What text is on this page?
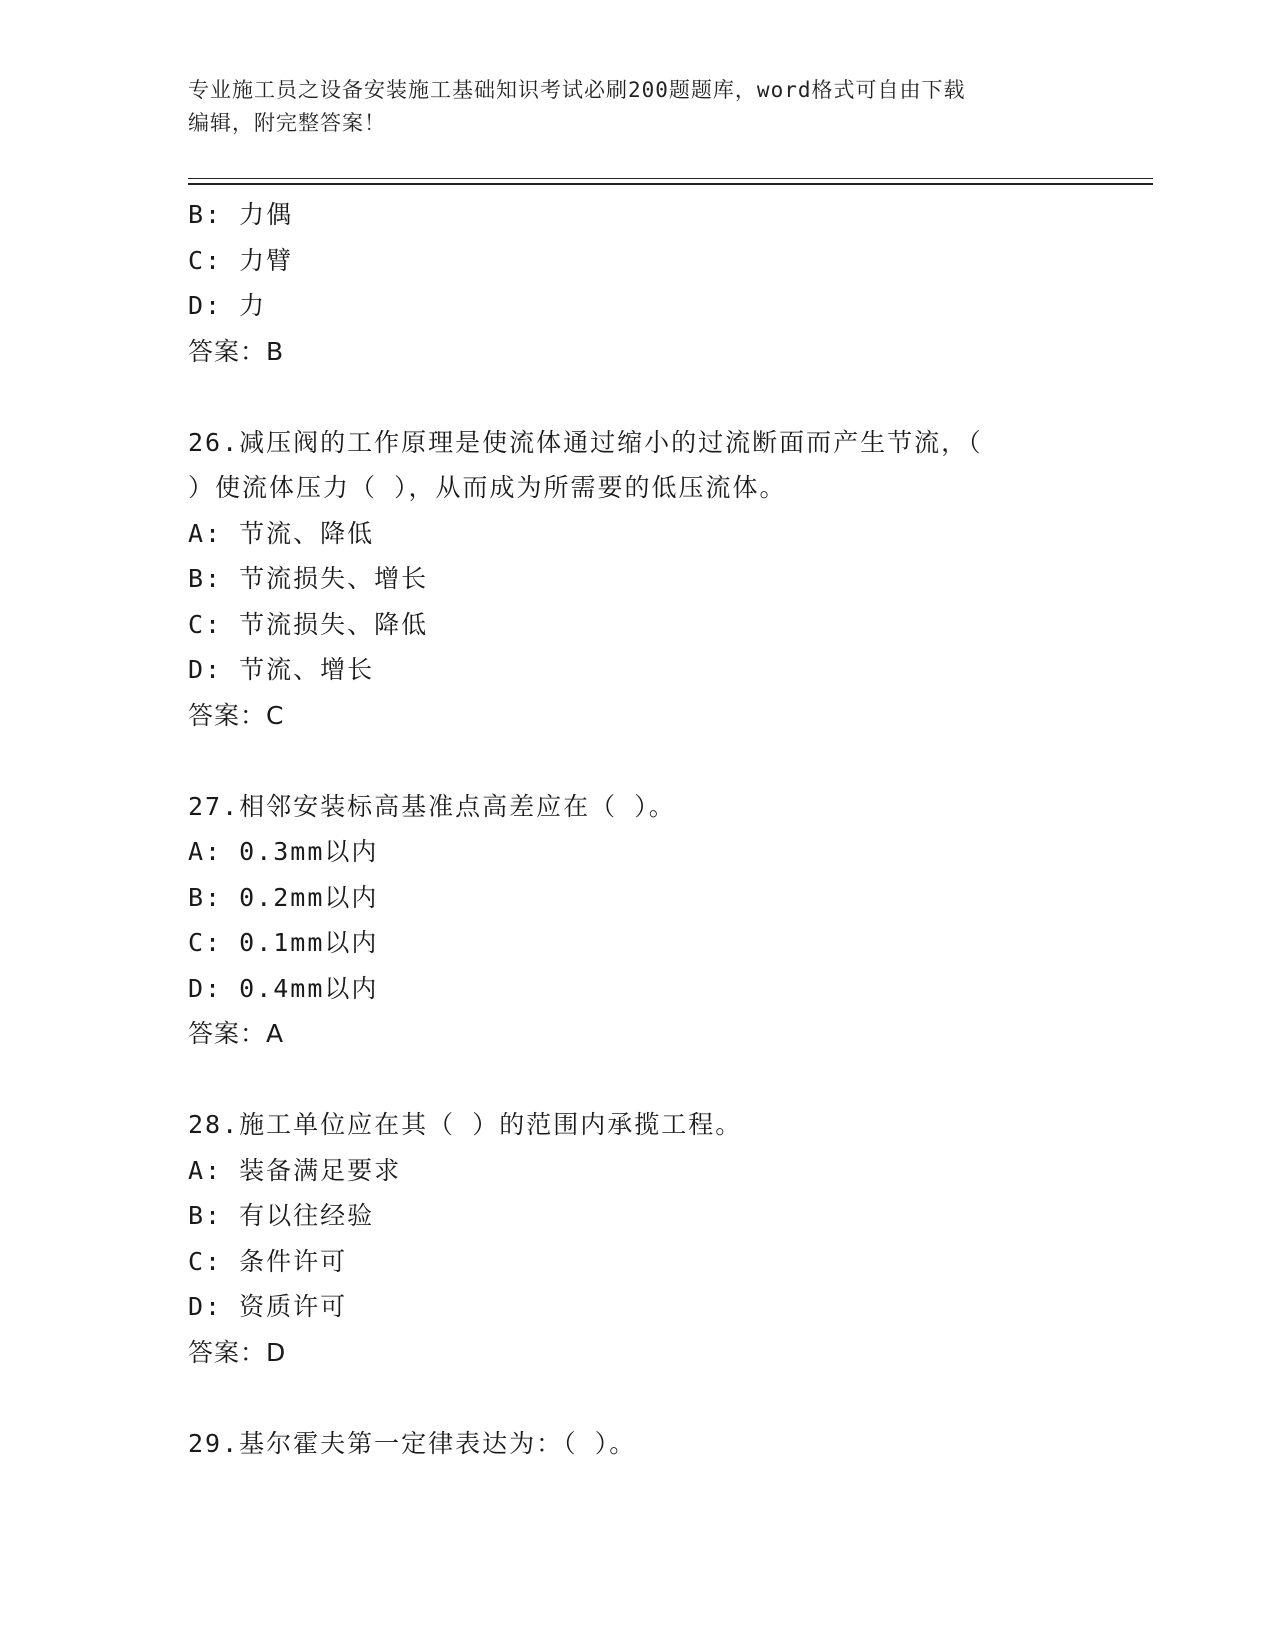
专业施工员之设备安装施工基础知识考试必刷200题题库，word格式可自由下载
编辑，附完整答案！
B: 力偶
C: 力臂
D: 力
答案：B
26.减压阀的工作原理是使流体通过缩小的过流断面而产生节流，（
）使流体压力（ ），从而成为所需要的低压流体。
A: 节流、降低
B: 节流损失、增长
C: 节流损失、降低
D: 节流、增长
答案：C
27.相邻安装标高基准点高差应在（ ）。
A: 0.3mm以内
B: 0.2mm以内
C: 0.1mm以内
D: 0.4mm以内
答案：A
28.施工单位应在其（ ）的范围内承揽工程。
A: 装备满足要求
B: 有以往经验
C: 条件许可
D: 资质许可
答案：D
29.基尔霍夫第一定律表达为：（ ）。
